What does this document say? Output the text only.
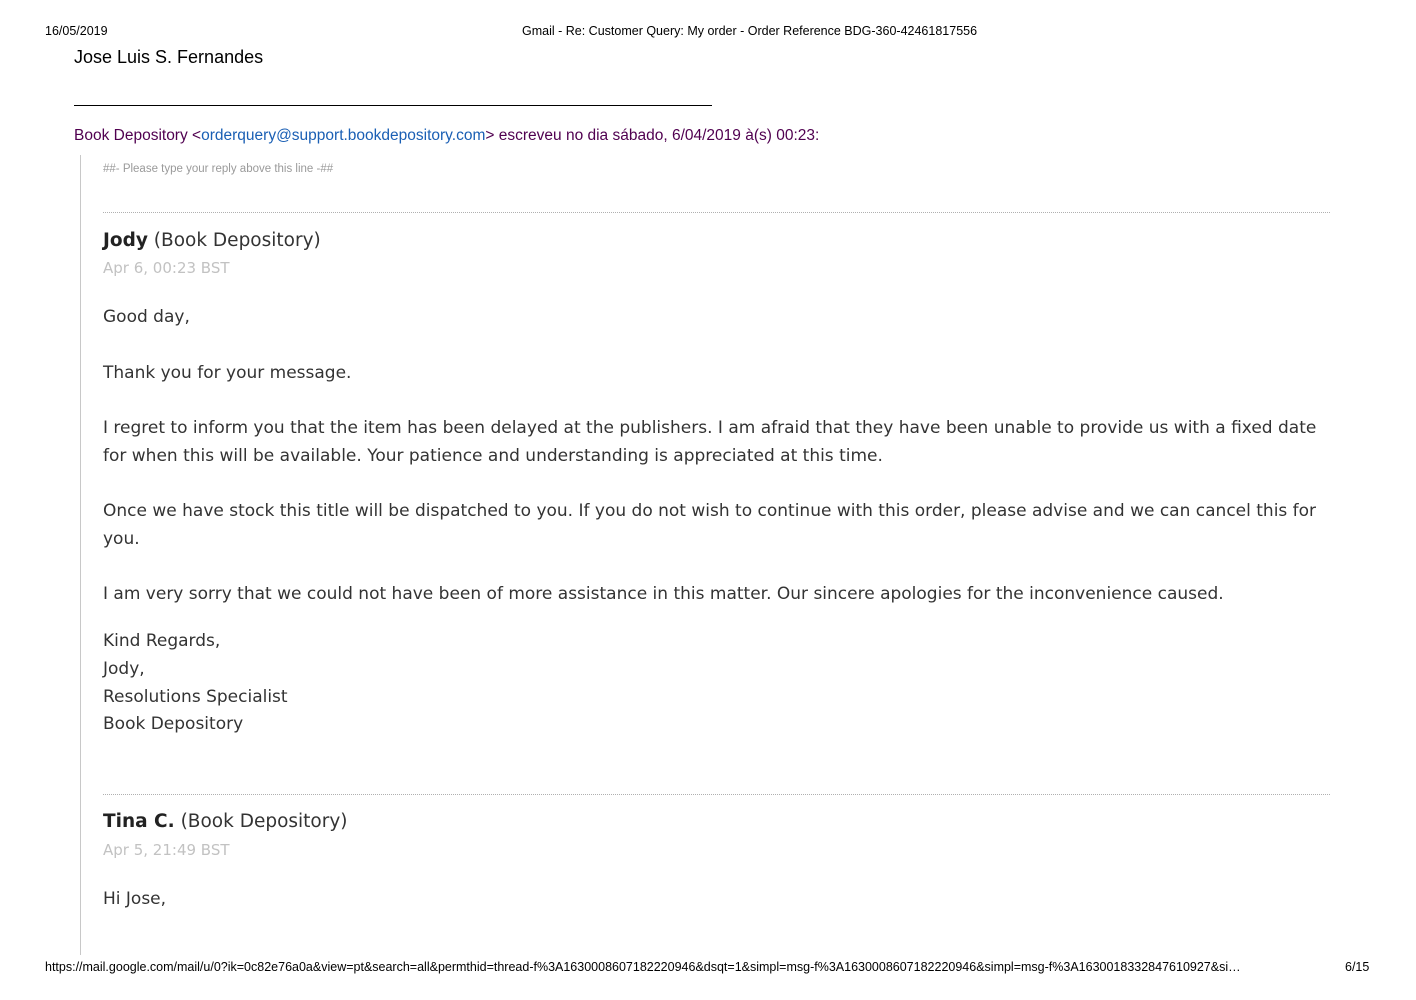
16/05/2019	Gmail - Re: Customer Query: My order - Order Reference BDG-360-42461817556
Jose Luis S. Fernandes
Book Depository <orderquery@support.bookdepository.com> escreveu no dia sábado, 6/04/2019 à(s) 00:23:
##- Please type your reply above this line -##
Jody (Book Depository)
Apr 6, 00:23 BST
Good day,
Thank you for your message.
I regret to inform you that the item has been delayed at the publishers. I am afraid that they have been unable to provide us with a fixed date for when this will be available. Your patience and understanding is appreciated at this time.
Once we have stock this title will be dispatched to you. If you do not wish to continue with this order, please advise and we can cancel this for you.
I am very sorry that we could not have been of more assistance in this matter. Our sincere apologies for the inconvenience caused.
Kind Regards,
Jody,
Resolutions Specialist
Book Depository
Tina C. (Book Depository)
Apr 5, 21:49 BST
Hi Jose,
https://mail.google.com/mail/u/0?ik=0c82e76a0a&view=pt&search=all&permthid=thread-f%3A1630008607182220946&dsqt=1&simpl=msg-f%3A1630008607182220946&simpl=msg-f%3A1630018332847610927&si…	6/15
